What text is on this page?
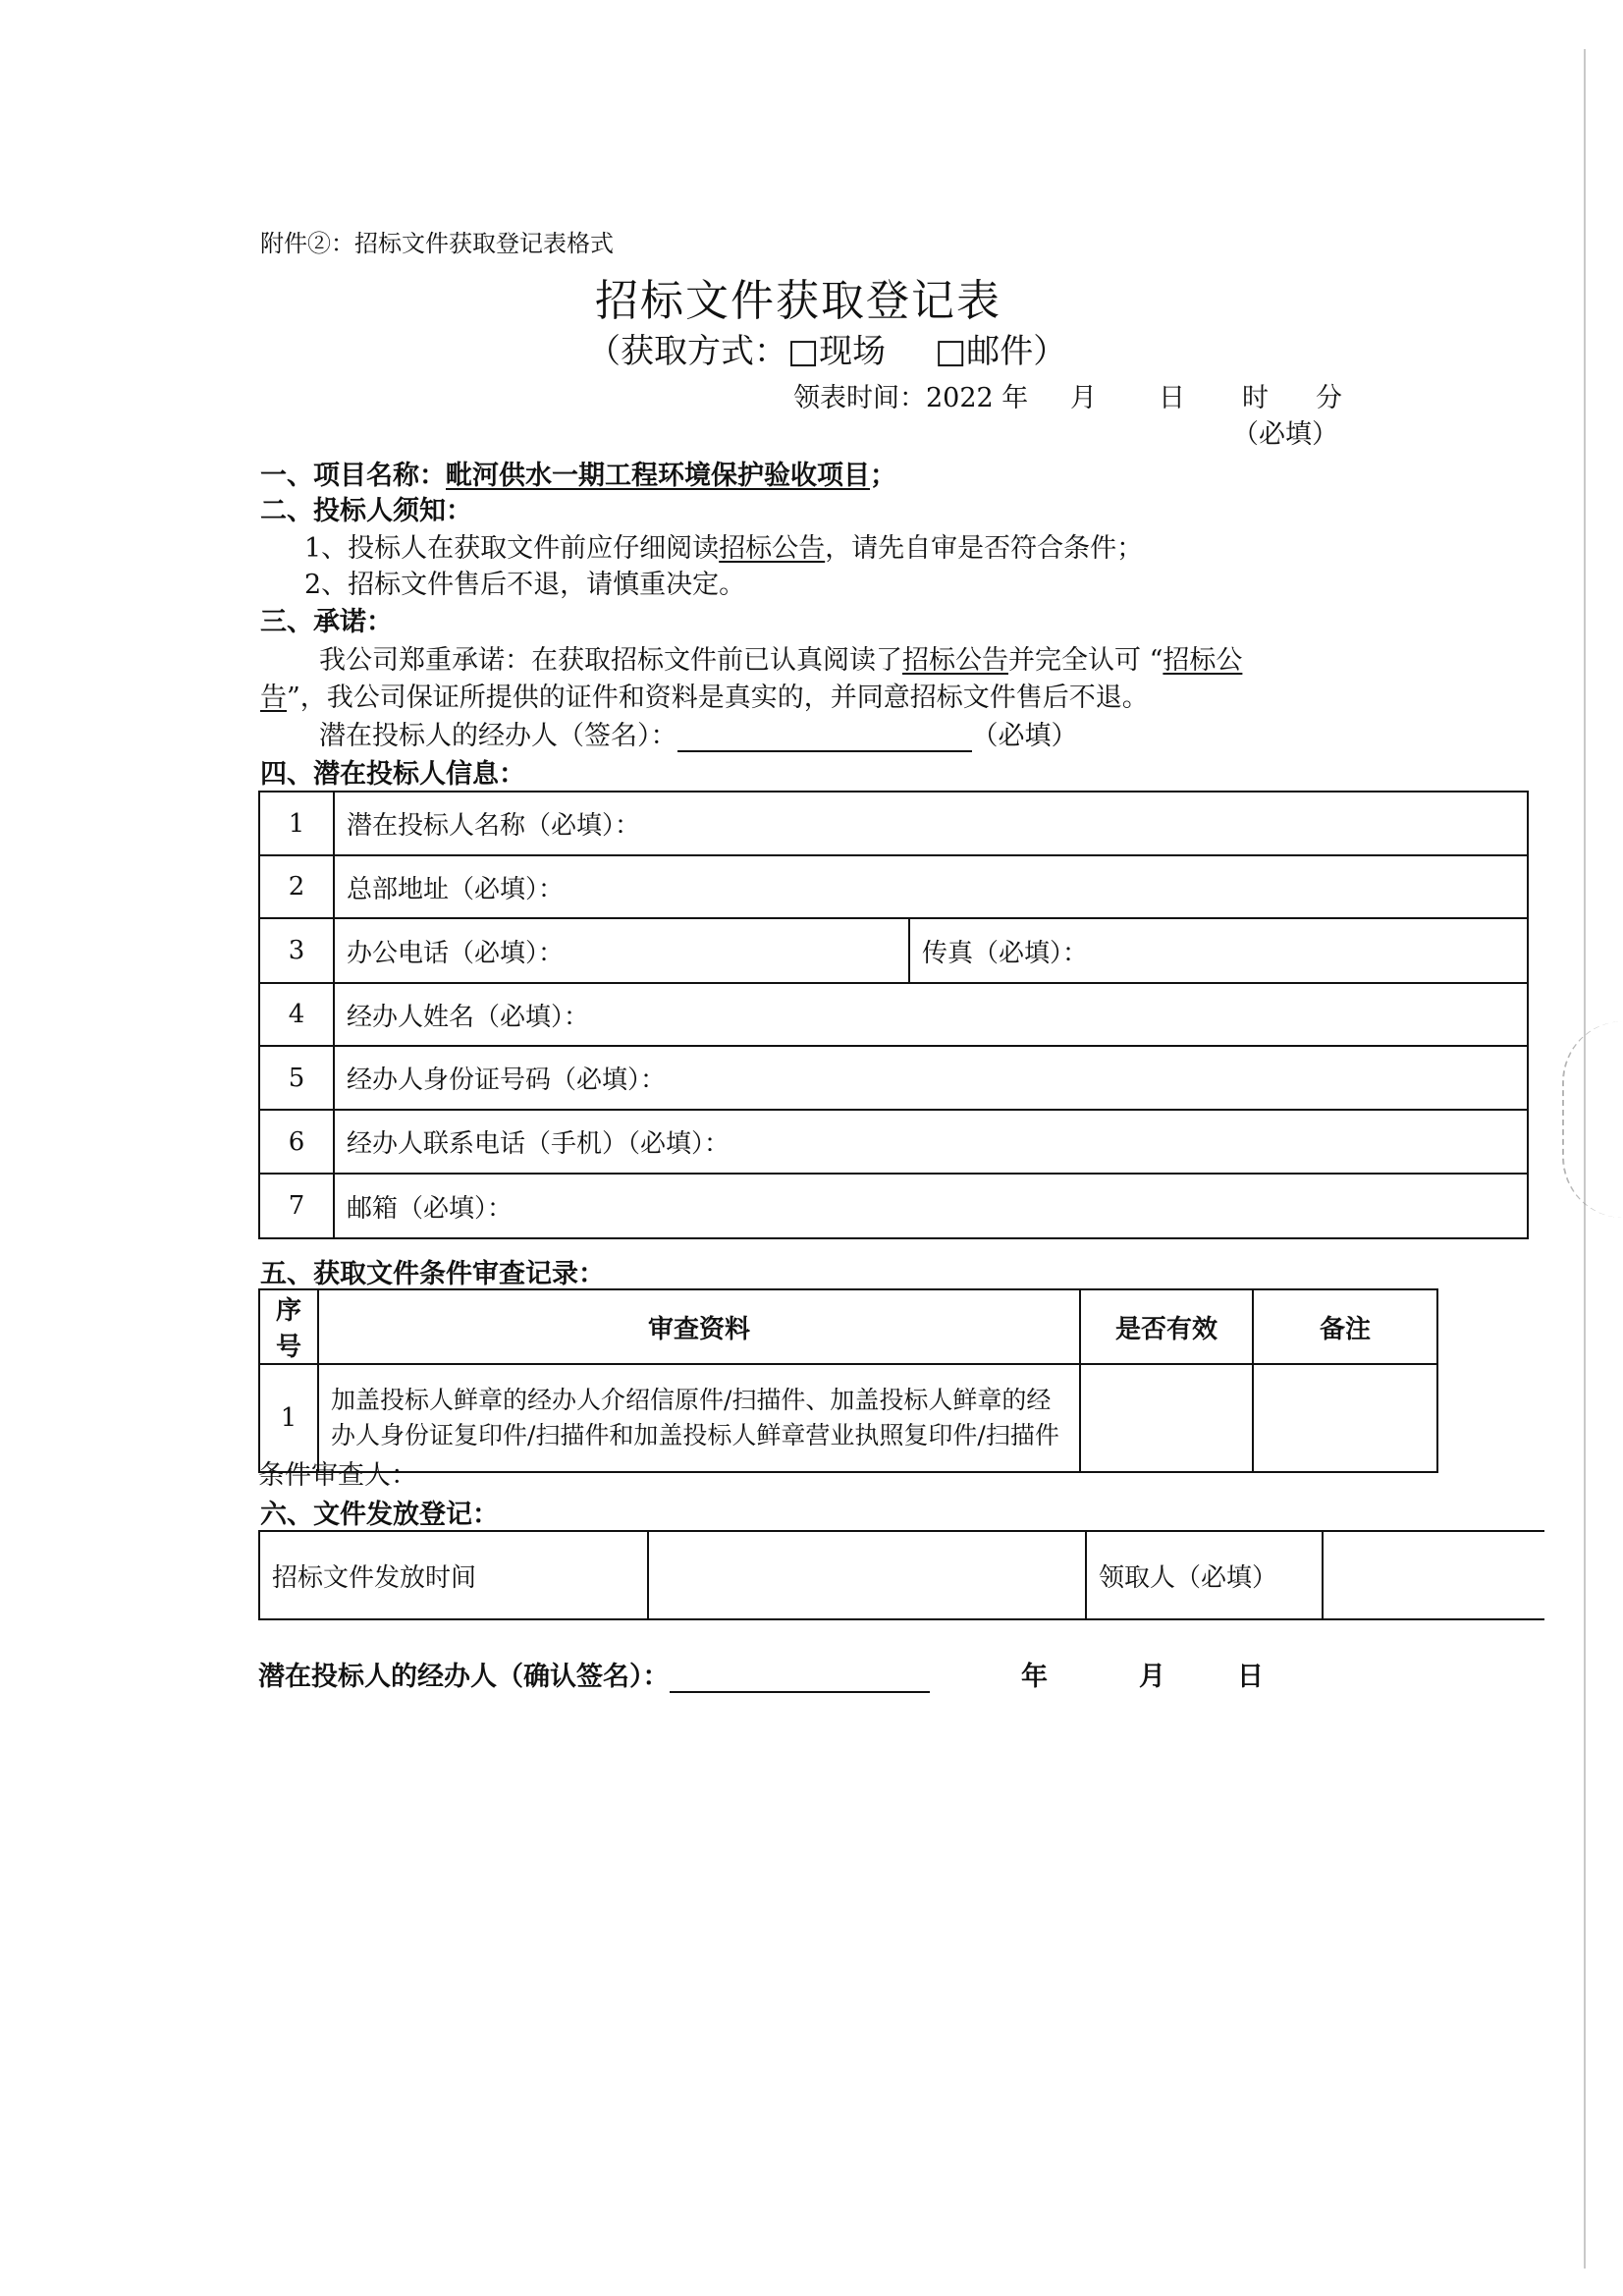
附件②：招标文件获取登记表格式
招标文件获取登记表
（获取方式：□现场 □邮件）
领表时间：2022 年 月 日 时 分
（必填）
一、项目名称：毗河供水一期工程环境保护验收项目；
二、投标人须知：
1、投标人在获取文件前应仔细阅读招标公告，请先自审是否符合条件；
2、招标文件售后不退，请慎重决定。
三、承诺：
我公司郑重承诺：在获取招标文件前已认真阅读了招标公告并完全认可 “招标公
告”，我公司保证所提供的证件和资料是真实的，并同意招标文件售后不退。
潜在投标人的经办人（签名）：	（必填）
四、潜在投标人信息：
1	潜在投标人名称（必填）：	
2	总部地址（必填）：	
3	办公电话（必填）：	传真（必填）：
4	经办人姓名（必填）：	
5	经办人身份证号码（必填）：	
6	经办人联系电话（手机）（必填）：	
7	邮箱（必填）：	
五、获取文件条件审查记录：
序号	审查资料	是否有效	备注
1	加盖投标人鲜章的经办人介绍信原件/扫描件、加盖投标人鲜章的经办人身份证复印件/扫描件和加盖投标人鲜章营业执照复印件/扫描件		
条件审查人：
六、文件发放登记：
招标文件发放时间		领取人（必填）	
潜在投标人的经办人（确认签名）：	年	月	日
